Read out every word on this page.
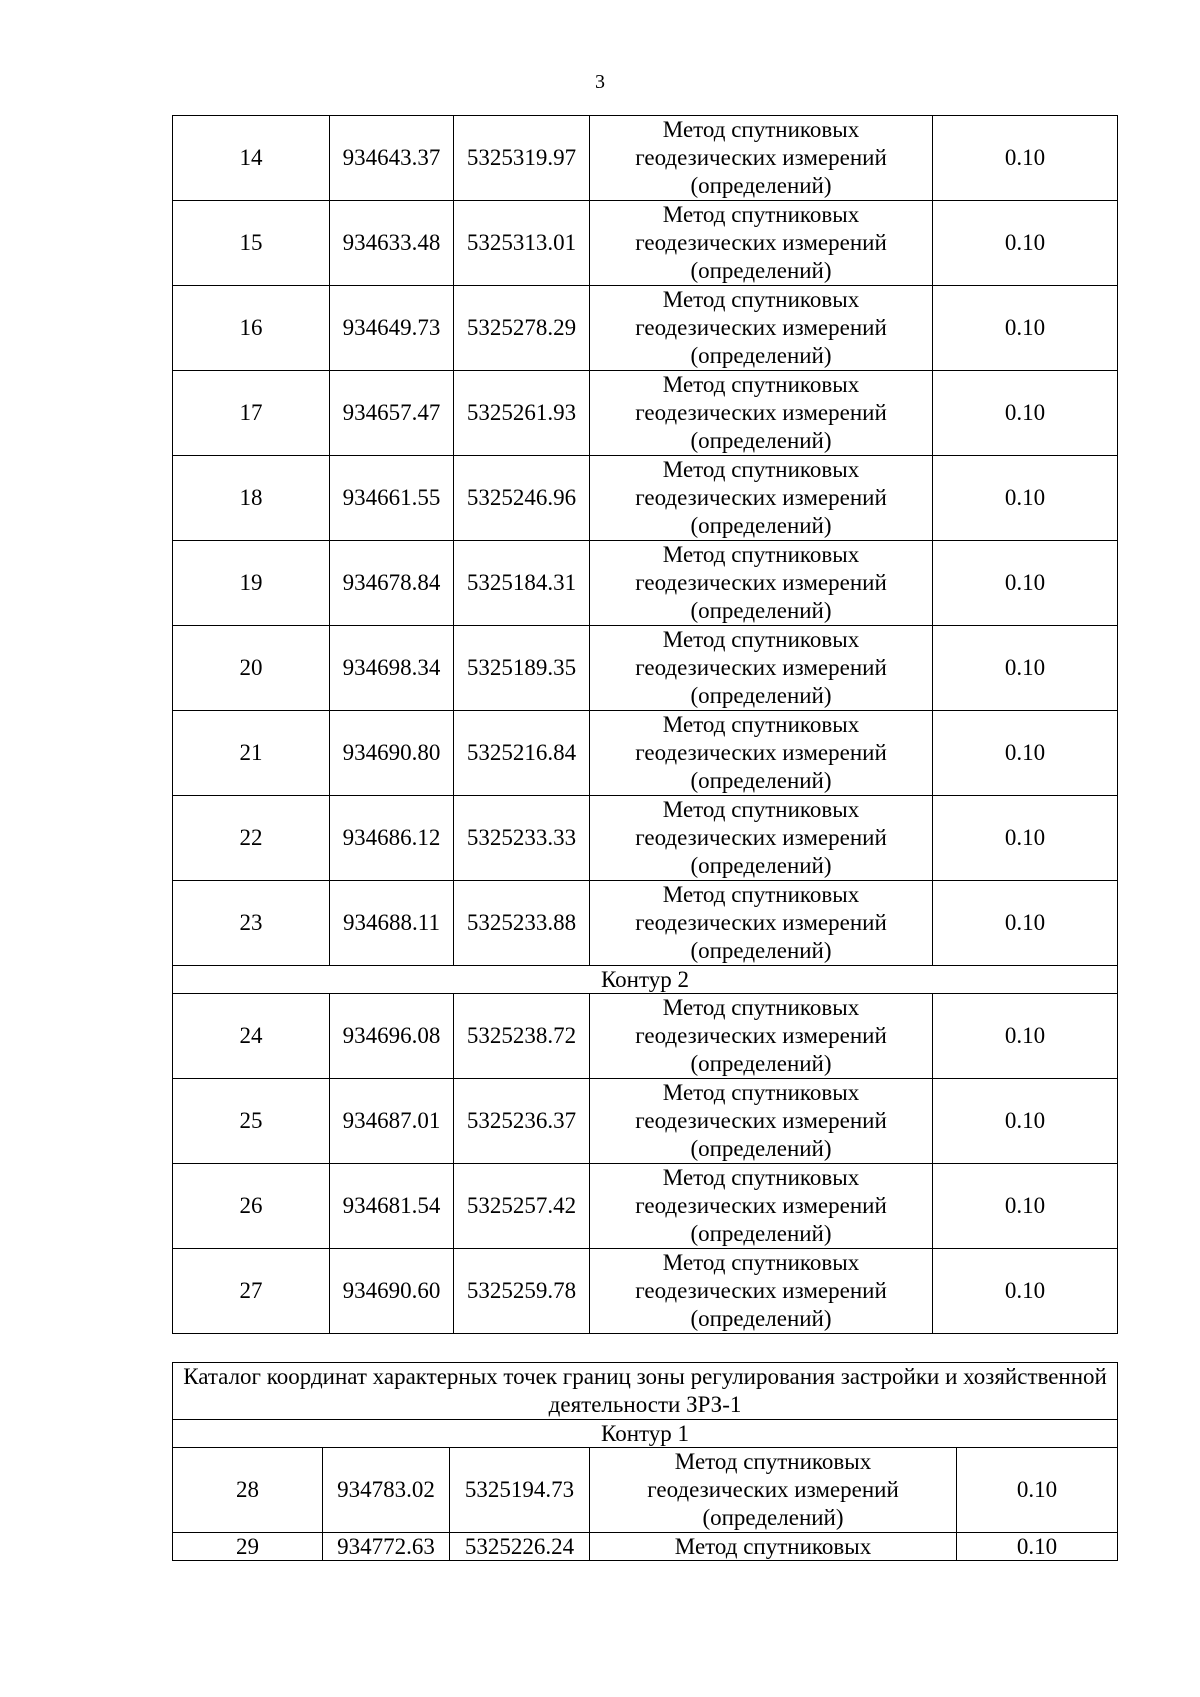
3
14	934643.37	5325319.97	Метод спутниковых
геодезических измерений
(определений)	0.10
15	934633.48	5325313.01	Метод спутниковых
геодезических измерений
(определений)	0.10
16	934649.73	5325278.29	Метод спутниковых
геодезических измерений
(определений)	0.10
17	934657.47	5325261.93	Метод спутниковых
геодезических измерений
(определений)	0.10
18	934661.55	5325246.96	Метод спутниковых
геодезических измерений
(определений)	0.10
19	934678.84	5325184.31	Метод спутниковых
геодезических измерений
(определений)	0.10
20	934698.34	5325189.35	Метод спутниковых
геодезических измерений
(определений)	0.10
21	934690.80	5325216.84	Метод спутниковых
геодезических измерений
(определений)	0.10
22	934686.12	5325233.33	Метод спутниковых
геодезических измерений
(определений)	0.10
23	934688.11	5325233.88	Метод спутниковых
геодезических измерений
(определений)	0.10
Контур 2				
24	934696.08	5325238.72	Метод спутниковых
геодезических измерений
(определений)	0.10
25	934687.01	5325236.37	Метод спутниковых
геодезических измерений
(определений)	0.10
26	934681.54	5325257.42	Метод спутниковых
геодезических измерений
(определений)	0.10
27	934690.60	5325259.78	Метод спутниковых
геодезических измерений
(определений)	0.10
Каталог координат характерных точек границ зоны регулирования застройки и хозяйственной деятельности ЗРЗ-1				
Контур 1				
28	934783.02	5325194.73	Метод спутниковых
геодезических измерений
(определений)	0.10
29	934772.63	5325226.24	Метод спутниковых	0.10
